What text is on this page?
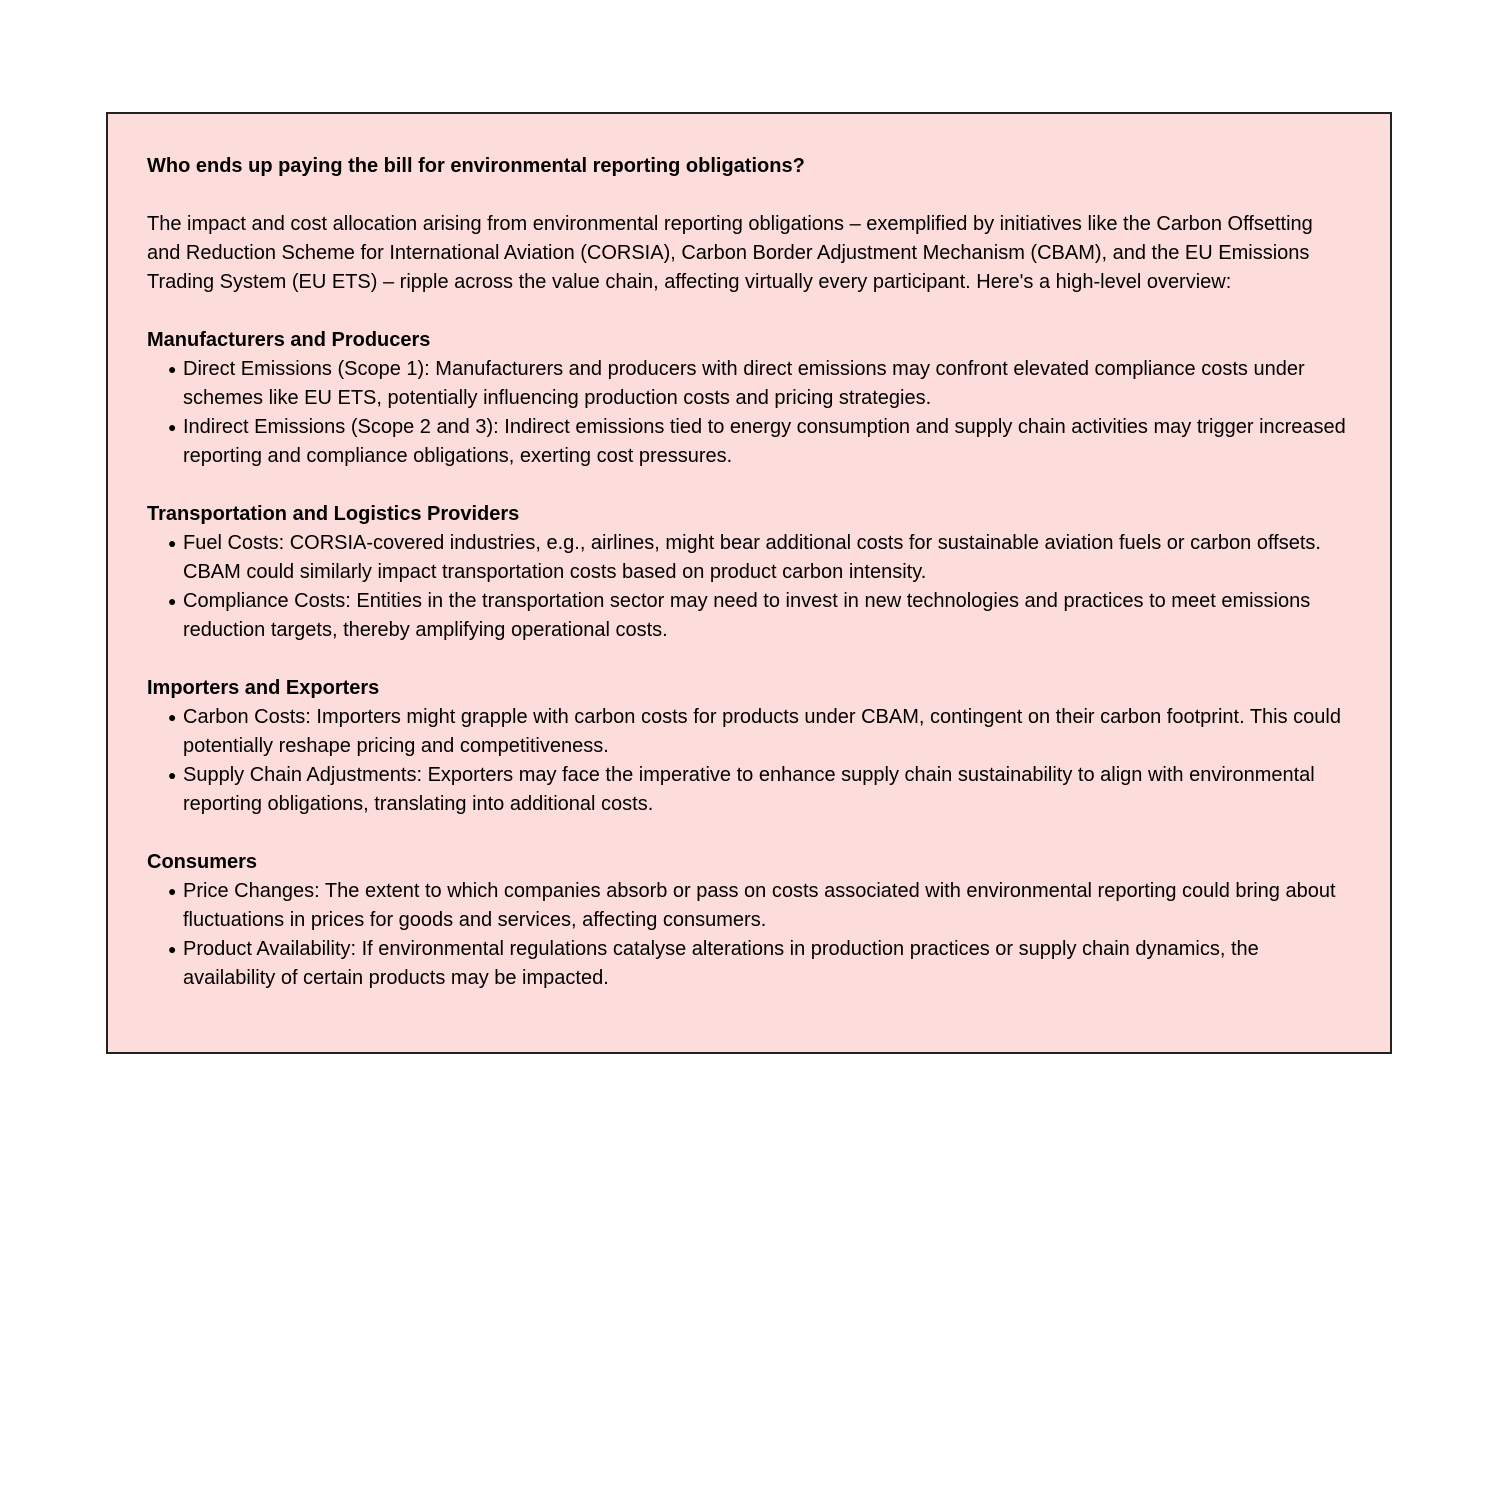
Who ends up paying the bill for environmental reporting obligations?

The impact and cost allocation arising from environmental reporting obligations – exemplified by initiatives like the Carbon Offsetting and Reduction Scheme for International Aviation (CORSIA), Carbon Border Adjustment Mechanism (CBAM), and the EU Emissions Trading System (EU ETS) – ripple across the value chain, affecting virtually every participant. Here's a high-level overview:

Manufacturers and Producers

● Direct Emissions (Scope 1): Manufacturers and producers with direct emissions may confront elevated compliance costs under schemes like EU ETS, potentially influencing production costs and pricing strategies.
● Indirect Emissions (Scope 2 and 3): Indirect emissions tied to energy consumption and supply chain activities may trigger increased reporting and compliance obligations, exerting cost pressures.

Transportation and Logistics Providers

● Fuel Costs: CORSIA-covered industries, e.g., airlines, might bear additional costs for sustainable aviation fuels or carbon offsets. CBAM could similarly impact transportation costs based on product carbon intensity.
● Compliance Costs: Entities in the transportation sector may need to invest in new technologies and practices to meet emissions reduction targets, thereby amplifying operational costs.

Importers and Exporters

● Carbon Costs: Importers might grapple with carbon costs for products under CBAM, contingent on their carbon footprint. This could potentially reshape pricing and competitiveness.
● Supply Chain Adjustments: Exporters may face the imperative to enhance supply chain sustainability to align with environmental reporting obligations, translating into additional costs.

Consumers

● Price Changes: The extent to which companies absorb or pass on costs associated with environmental reporting could bring about fluctuations in prices for goods and services, affecting consumers.
● Product Availability: If environmental regulations catalyse alterations in production practices or supply chain dynamics, the availability of certain products may be impacted.
